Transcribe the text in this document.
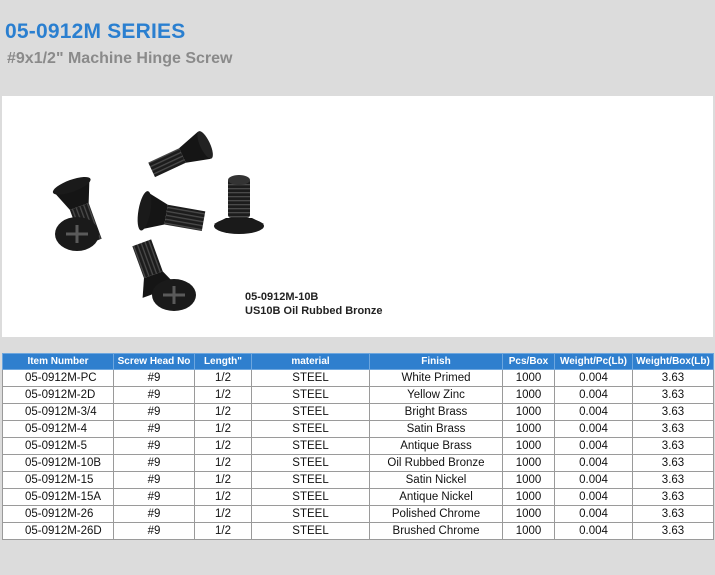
05-0912M SERIES
#9x1/2" Machine Hinge Screw
05-0912M-10B
US10B Oil Rubbed Bronze
Item Number	Screw Head No	Length"	material	Finish	Pcs/Box	Weight/Pc(Lb)	Weight/Box(Lb)
05-0912M-PC	#9	1/2	STEEL	White Primed	1000	0.004	3.63
05-0912M-2D	#9	1/2	STEEL	Yellow Zinc	1000	0.004	3.63
05-0912M-3/4	#9	1/2	STEEL	Bright Brass	1000	0.004	3.63
05-0912M-4	#9	1/2	STEEL	Satin Brass	1000	0.004	3.63
05-0912M-5	#9	1/2	STEEL	Antique Brass	1000	0.004	3.63
05-0912M-10B	#9	1/2	STEEL	Oil Rubbed Bronze	1000	0.004	3.63
05-0912M-15	#9	1/2	STEEL	Satin Nickel	1000	0.004	3.63
05-0912M-15A	#9	1/2	STEEL	Antique Nickel	1000	0.004	3.63
05-0912M-26	#9	1/2	STEEL	Polished Chrome	1000	0.004	3.63
05-0912M-26D	#9	1/2	STEEL	Brushed Chrome	1000	0.004	3.63
